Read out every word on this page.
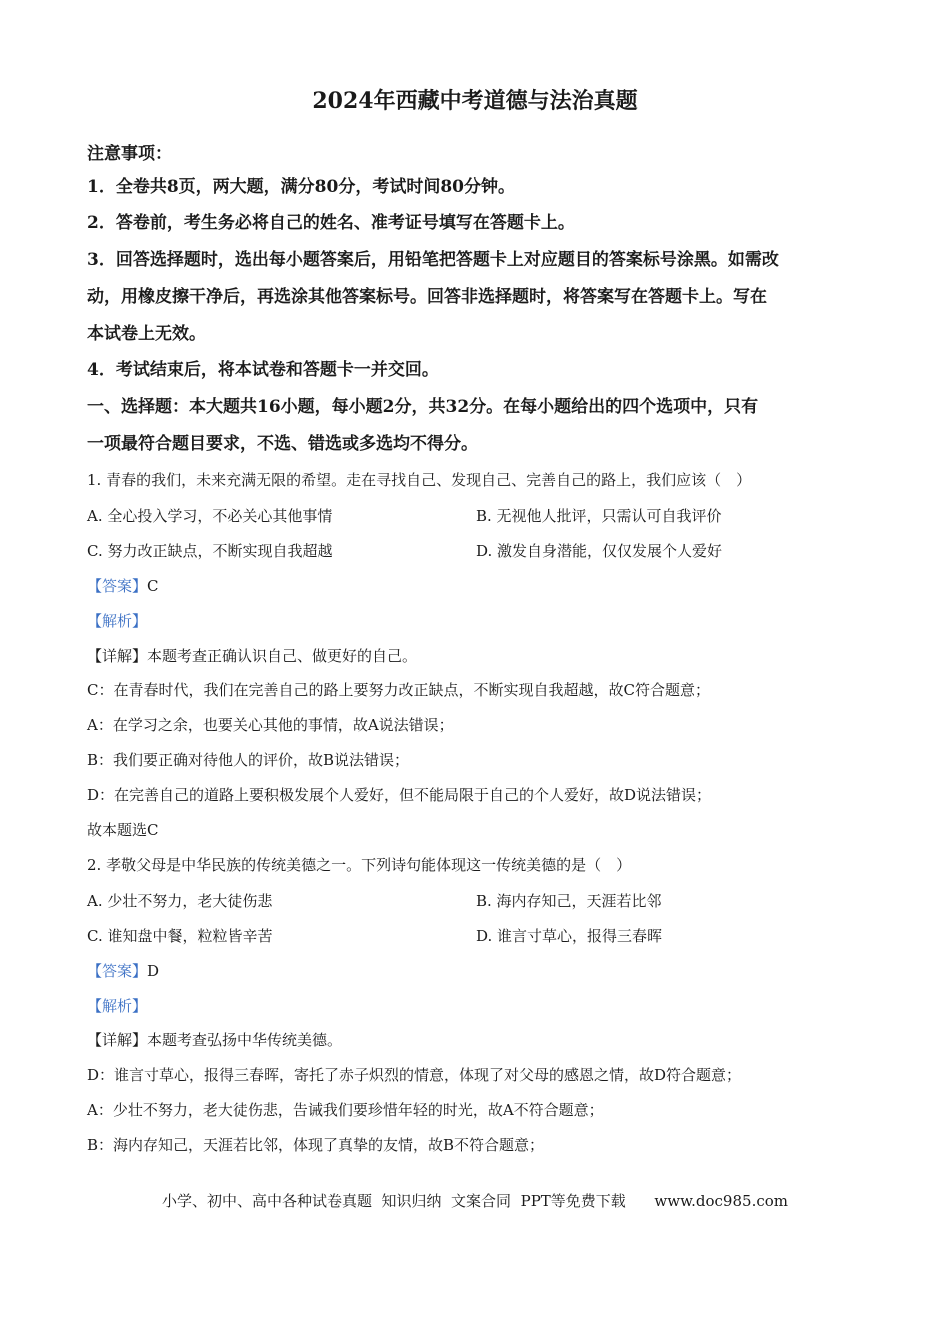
2024年西藏中考道德与法治真题
注意事项：
1．全卷共8页，两大题，满分80分，考试时间80分钟。
2．答卷前，考生务必将自己的姓名、准考证号填写在答题卡上。
3．回答选择题时，选出每小题答案后，用铅笔把答题卡上对应题目的答案标号涂黑。如需改
动，用橡皮擦干净后，再选涂其他答案标号。回答非选择题时，将答案写在答题卡上。写在
本试卷上无效。
4．考试结束后，将本试卷和答题卡一并交回。
一、选择题：本大题共16小题，每小题2分，共32分。在每小题给出的四个选项中，只有
一项最符合题目要求，不选、错选或多选均不得分。
1. 青春的我们，未来充满无限的希望。走在寻找自己、发现自己、完善自己的路上，我们应该（　）
A. 全心投入学习，不必关心其他事情	B. 无视他人批评，只需认可自我评价
C. 努力改正缺点，不断实现自我超越	D. 激发自身潜能，仅仅发展个人爱好
【答案】C
【解析】
【详解】本题考查正确认识自己、做更好的自己。
C：在青春时代，我们在完善自己的路上要努力改正缺点，不断实现自我超越，故C符合题意；
A：在学习之余，也要关心其他的事情，故A说法错误；
B：我们要正确对待他人的评价，故B说法错误；
D：在完善自己的道路上要积极发展个人爱好，但不能局限于自己的个人爱好，故D说法错误；
故本题选C
2. 孝敬父母是中华民族的传统美德之一。下列诗句能体现这一传统美德的是（　）
A. 少壮不努力，老大徒伤悲	B. 海内存知己，天涯若比邻
C. 谁知盘中餐，粒粒皆辛苦	D. 谁言寸草心，报得三春晖
【答案】D
【解析】
【详解】本题考查弘扬中华传统美德。
D：谁言寸草心，报得三春晖，寄托了赤子炽烈的情意，体现了对父母的感恩之情，故D符合题意；
A：少壮不努力，老大徒伤悲，告诫我们要珍惜年轻的时光，故A不符合题意；
B：海内存知己，天涯若比邻，体现了真挚的友情，故B不符合题意；
小学、初中、高中各种试卷真题  知识归纳  文案合同  PPT等免费下载      www.doc985.com
